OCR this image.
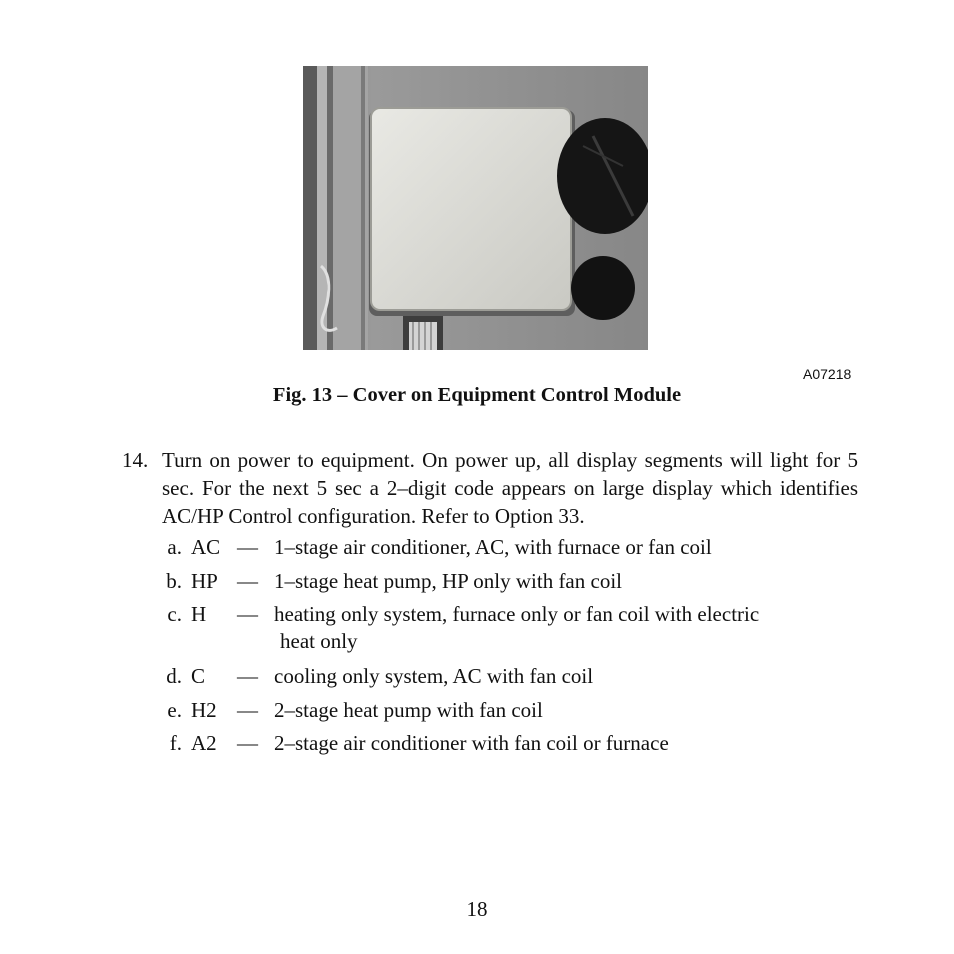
A07218
Fig. 13 – Cover on Equipment Control Module
14. Turn on power to equipment. On power up, all display segments will light for 5 sec. For the next 5 sec a 2–digit code appears on large display which identifies AC/HP Control configuration. Refer to Option 33.
a. AC — 1–stage air conditioner, AC, with furnace or fan coil
b. HP — 1–stage heat pump, HP only with fan coil
c. H — heating only system, furnace only or fan coil with electric
heat only
d. C — cooling only system, AC with fan coil
e. H2 — 2–stage heat pump with fan coil
f. A2 — 2–stage air conditioner with fan coil or furnace
18
